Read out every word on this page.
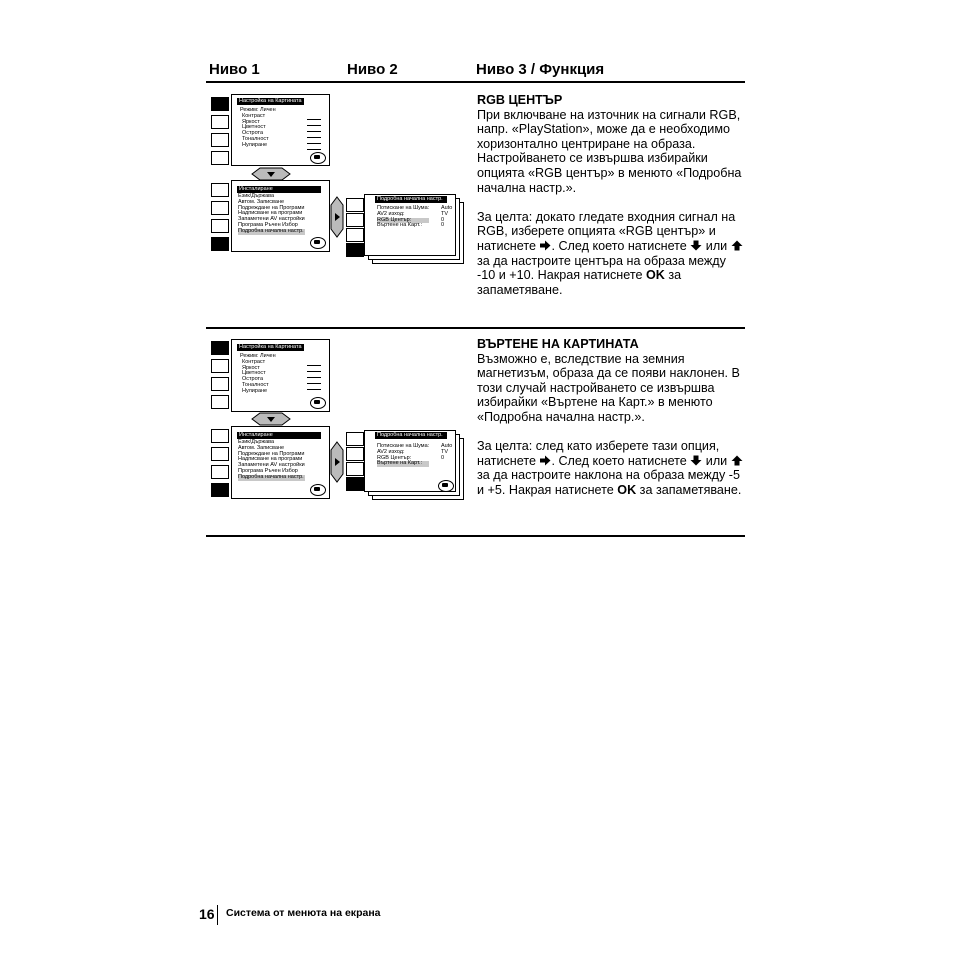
Ниво 1	Ниво 2	Ниво 3 / Функция
Настройка на Картината
Режим: Личен
Контраст
Яркост
Цветност
Острота
Тоналност
Нулиране
Инсталиране
Език/Държава
Автом. Записване
Подреждане на Програми
Надписване на програми
Запаметени AV настройки
Програма Ръчен Избор
Подробна начална настр.
Подробна начална настр.
Потискане на Шума:
AV2 изход:
RGB Център:
Въртене на Карт.:
Auto
TV
0
0

RGB ЦЕНТЪР
При включване на източник на сигнали RGB, напр. «PlayStation», може да е необходимо хоризонтално центриране на образа. Настройването се извършва избирайки опцията «RGB център» в менюто «Подробна начална настр.».

За целта: докато гледате входния сигнал на RGB, изберете опцията «RGB център» и натиснете . След което натиснете или  за да настроите центъра на образа между -10 и +10. Накрая натиснете OK за запаметяване.

Настройка на Картината
Режим: Личен
Контраст
Яркост
Цветност
Острота
Тоналност
Нулиране
Инсталиране
Език/Държава
Автом. Записване
Подреждане на Програми
Надписване на програми
Запаметени AV настройки
Програма Ръчен Избор
Подробна начална настр.
Подробна начална настр.
Потискане на Шума:
AV2 изход:
RGB Център:
Въртене на Карт.:
Auto
TV
0

ВЪРТЕНЕ НА КАРТИНАТА
Възможно е, вследствие на земния магнетизъм, образа да се появи наклонен. В този случай настройването се извършва избирайки «Въртене на Карт.» в менюто «Подробна начална настр.».

За целта: след като изберете тази опция, натиснете . След което натиснете или  за да настроите наклона на образа между -5 и +5. Накрая натиснете OK за запаметяване.

16 Система от менюта на екрана
